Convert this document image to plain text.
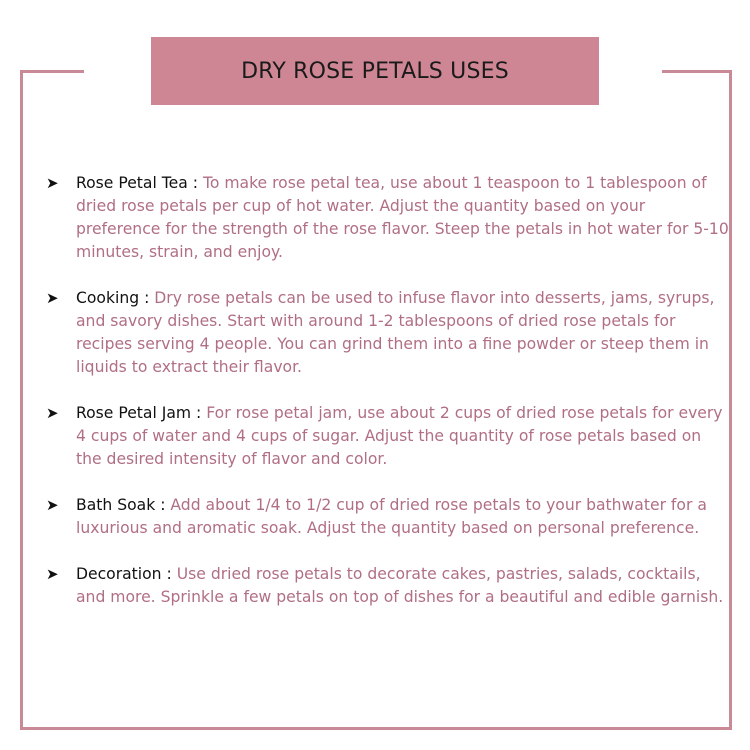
DRY ROSE PETALS USES
➤	Rose Petal Tea : To make rose petal tea, use about 1 teaspoon to 1 tablespoon of dried rose petals per cup of hot water. Adjust the quantity based on your preference for the strength of the rose flavor. Steep the petals in hot water for 5-10 minutes, strain, and enjoy.
➤	Cooking : Dry rose petals can be used to infuse flavor into desserts, jams, syrups, and savory dishes. Start with around 1-2 tablespoons of dried rose petals for recipes serving 4 people. You can grind them into a fine powder or steep them in liquids to extract their flavor.
➤	Rose Petal Jam : For rose petal jam, use about 2 cups of dried rose petals for every 4 cups of water and 4 cups of sugar. Adjust the quantity of rose petals based on the desired intensity of flavor and color.
➤	Bath Soak : Add about 1/4 to 1/2 cup of dried rose petals to your bathwater for a luxurious and aromatic soak. Adjust the quantity based on personal preference.
➤	Decoration : Use dried rose petals to decorate cakes, pastries, salads, cocktails, and more. Sprinkle a few petals on top of dishes for a beautiful and edible garnish.
